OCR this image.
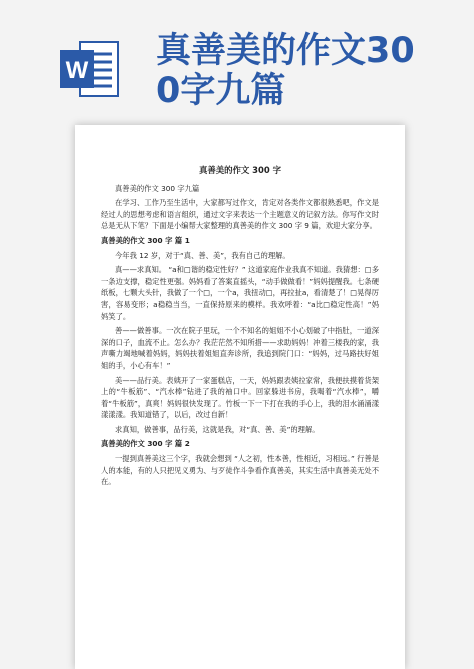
W 真善美的作文30
0字九篇
真善美的作文 300 字
真善美的作文 300 字九篇
在学习、工作乃至生活中，大家都写过作文，肯定对各类作文都很熟悉吧，作文是经过人的思想考虑和语言组织，通过文字来表达一个主题意义的记叙方法。你写作文时总是无从下笔？下面是小编帮大家整理的真善美的作文 300 字 9 篇，欢迎大家分享。
真善美的作文 300 字 篇 1
今年我 12 岁，对于“真、善、美”，我有自己的理解。
真——求真知。 “a和□谐的稳定性好？” 这道家庭作业我真不知道。我猜想：□多一条边支撑，稳定性更强。妈妈看了答案直摇头，“动手做做看！”妈妈提醒我。七条硬纸板，七颗大头针，我做了一个□，一个a，我扭动□，再拉扯a，看清楚了！□晃得厉害，容易变形；a稳稳当当，一直保持原来的模样。我欢呼着：“a比□稳定性高！”妈妈笑了。
善——做善事。一次在院子里玩，一个不知名的姐姐不小心划破了中指肚，一道深深的口子，血流不止。怎么办？我茫茫然不知所措——求助妈妈！冲着三楼我的家，我声嘶力竭地喊着妈妈，妈妈扶着姐姐直奔诊所，我追到院门口：“妈妈，过马路扶好姐姐的手，小心有车！”
美——品行美。表姨开了一家蛋糕店，一天，妈妈跟表姨拉家常，我便扶摸着货架上的“牛板筋”、“汽水棒”钻进了我的袖口中。回家躲进书房，我喝着“汽水棒”，嚼着“牛板筋”，真爽！妈妈很快发现了。竹板一下一下打在我的手心上，我的泪水涌涌漾漾漾漾。我知道错了，以后，改过自新！
求真知，做善事，品行美，这就是我，对“真、善、美”的理解。
真善美的作文 300 字 篇 2
一提到真善美这三个字，我就会想到 “人之初，性本善，性相近，习相远。” 行善是人的本能，有的人只把见义勇为、与歹徒作斗争看作真善美，其实生活中真善美无处不在。
